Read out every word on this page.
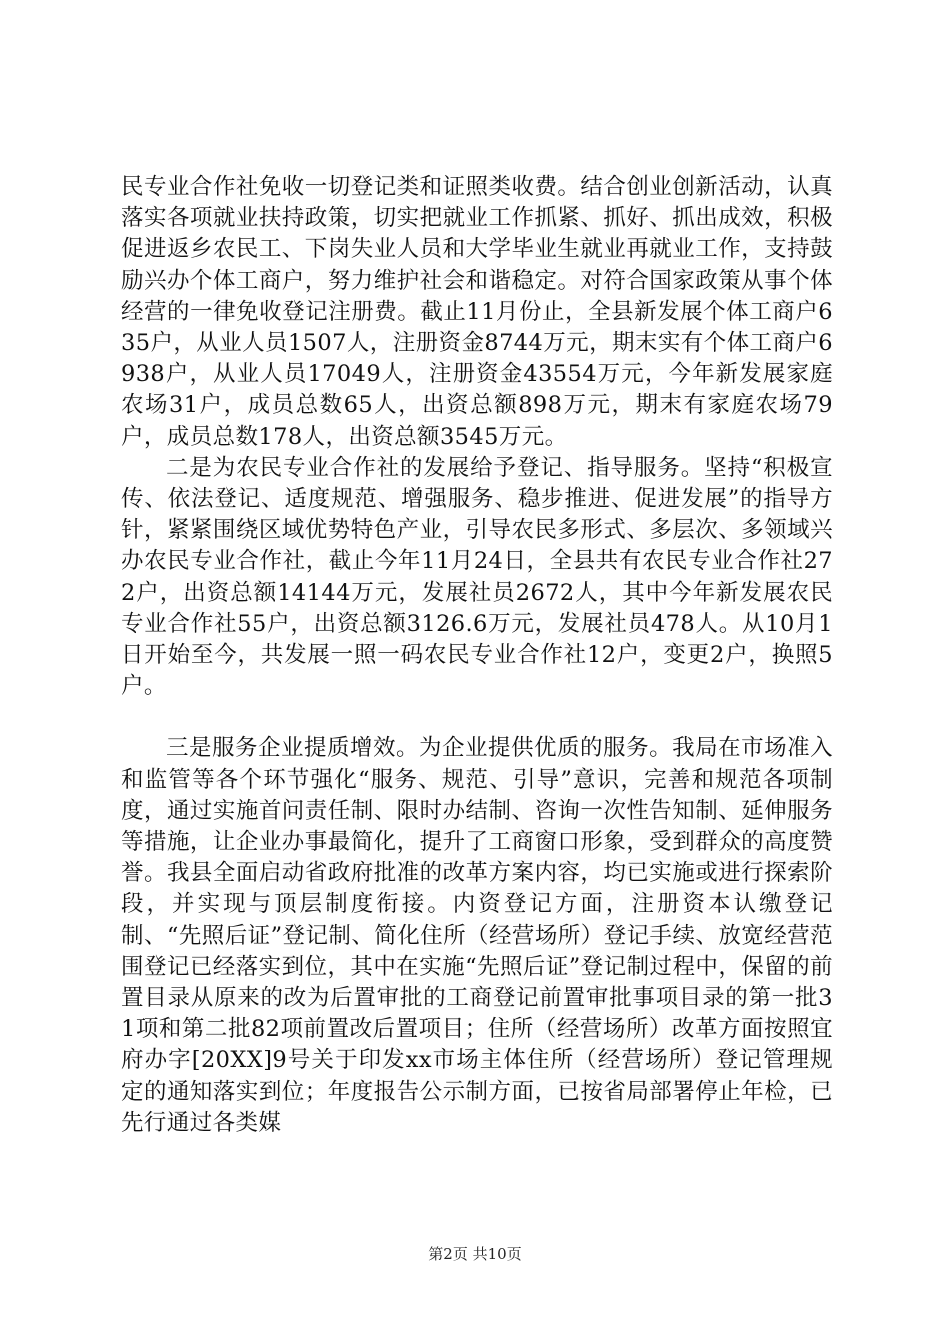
民专业合作社免收一切登记类和证照类收费。结合创业创新活动，认真落实各项就业扶持政策，切实把就业工作抓紧、抓好、抓出成效，积极促进返乡农民工、下岗失业人员和大学毕业生就业再就业工作，支持鼓励兴办个体工商户，努力维护社会和谐稳定。对符合国家政策从事个体经营的一律免收登记注册费。截止11月份止，全县新发展个体工商户635户，从业人员1507人，注册资金8744万元，期末实有个体工商户6938户，从业人员17049人，注册资金43554万元，今年新发展家庭农场31户，成员总数65人，出资总额898万元，期末有家庭农场79户，成员总数178人，出资总额3545万元。

二是为农民专业合作社的发展给予登记、指导服务。坚持“积极宣传、依法登记、适度规范、增强服务、稳步推进、促进发展”的指导方针，紧紧围绕区域优势特色产业，引导农民多形式、多层次、多领域兴办农民专业合作社，截止今年11月24日，全县共有农民专业合作社272户，出资总额14144万元，发展社员2672人，其中今年新发展农民专业合作社55户，出资总额3126.6万元，发展社员478人。从10月1日开始至今，共发展一照一码农民专业合作社12户，变更2户，换照5户。

三是服务企业提质增效。为企业提供优质的服务。我局在市场准入和监管等各个环节强化“服务、规范、引导”意识，完善和规范各项制度，通过实施首问责任制、限时办结制、咨询一次性告知制、延伸服务等措施，让企业办事最简化，提升了工商窗口形象，受到群众的高度赞誉。我县全面启动省政府批准的改革方案内容，均已实施或进行探索阶段，并实现与顶层制度衔接。内资登记方面，注册资本认缴登记制、“先照后证”登记制、简化住所（经营场所）登记手续、放宽经营范围登记已经落实到位，其中在实施“先照后证”登记制过程中，保留的前置目录从原来的改为后置审批的工商登记前置审批事项目录的第一批31项和第二批82项前置改后置项目；住所（经营场所）改革方面按照宜府办字[20XX]9号关于印发xx市场主体住所（经营场所）登记管理规定的通知落实到位；年度报告公示制方面，已按省局部署停止年检，已先行通过各类媒

第2页 共10页
